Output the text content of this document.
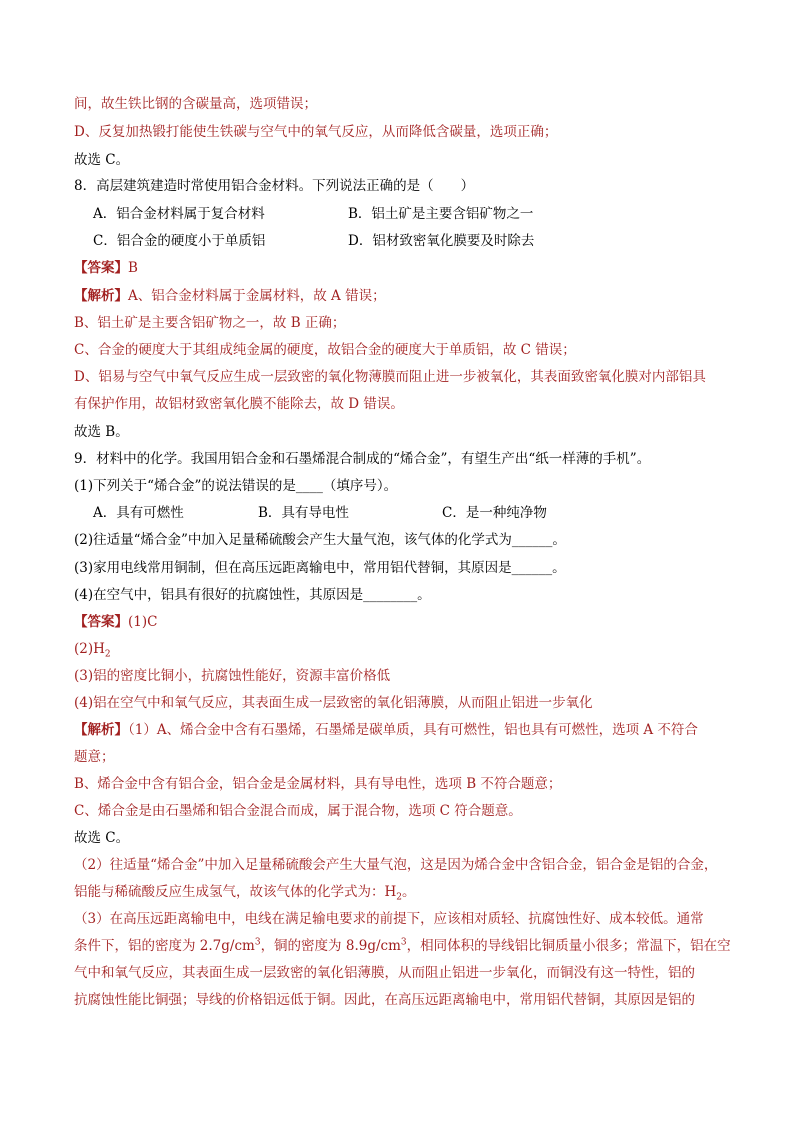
间，故生铁比钢的含碳量高，选项错误；
D、反复加热锻打能使生铁碳与空气中的氧气反应，从而降低含碳量，选项正确；
故选 C。
8．高层建筑建造时常使用铝合金材料。下列说法正确的是（　　）
A．铝合金材料属于复合材料	B．铝土矿是主要含铝矿物之一
C．铝合金的硬度小于单质铝	D．铝材致密氧化膜要及时除去
【答案】B
【解析】A、铝合金材料属于金属材料，故 A 错误；
B、铝土矿是主要含铝矿物之一，故 B 正确；
C、合金的硬度大于其组成纯金属的硬度，故铝合金的硬度大于单质铝，故 C 错误；
D、铝易与空气中氧气反应生成一层致密的氧化物薄膜而阻止进一步被氧化，其表面致密氧化膜对内部铝具
有保护作用，故铝材致密氧化膜不能除去，故 D 错误。
故选 B。
9．材料中的化学。我国用铝合金和石墨烯混合制成的“烯合金”，有望生产出“纸一样薄的手机”。
(1)下列关于“烯合金”的说法错误的是____（填序号）。
A．具有可燃性	B．具有导电性	C．是一种纯净物
(2)往适量“烯合金”中加入足量稀硫酸会产生大量气泡，该气体的化学式为______。
(3)家用电线常用铜制，但在高压远距离输电中，常用铝代替铜，其原因是______。
(4)在空气中，铝具有很好的抗腐蚀性，其原因是________。
【答案】(1)C
$(2)H_2$
(3)铝的密度比铜小，抗腐蚀性能好，资源丰富价格低
(4)铝在空气中和氧气反应，其表面生成一层致密的氧化铝薄膜，从而阻止铝进一步氧化
【解析】（1）A、烯合金中含有石墨烯，石墨烯是碳单质，具有可燃性，铝也具有可燃性，选项 A 不符合
题意；
B、烯合金中含有铝合金，铝合金是金属材料，具有导电性，选项 B 不符合题意；
C、烯合金是由石墨烯和铝合金混合而成，属于混合物，选项 C 符合题意。
故选 C。
（2）往适量“烯合金”中加入足量稀硫酸会产生大量气泡，这是因为烯合金中含铝合金，铝合金是铝的合金，
铝能与稀硫酸反应生成氢气，故该气体的化学式为：$H_2$。
（3）在高压远距离输电中，电线在满足输电要求的前提下，应该相对质轻、抗腐蚀性好、成本较低。通常
条件下，铝的密度为 $2.7g/cm^3$，铜的密度为 $8.9g/cm^3$，相同体积的导线铝比铜质量小很多；常温下，铝在空
气中和氧气反应，其表面生成一层致密的氧化铝薄膜，从而阻止铝进一步氧化，而铜没有这一特性，铝的
抗腐蚀性能比铜强；导线的价格铝远低于铜。因此，在高压远距离输电中，常用铝代替铜，其原因是铝的
